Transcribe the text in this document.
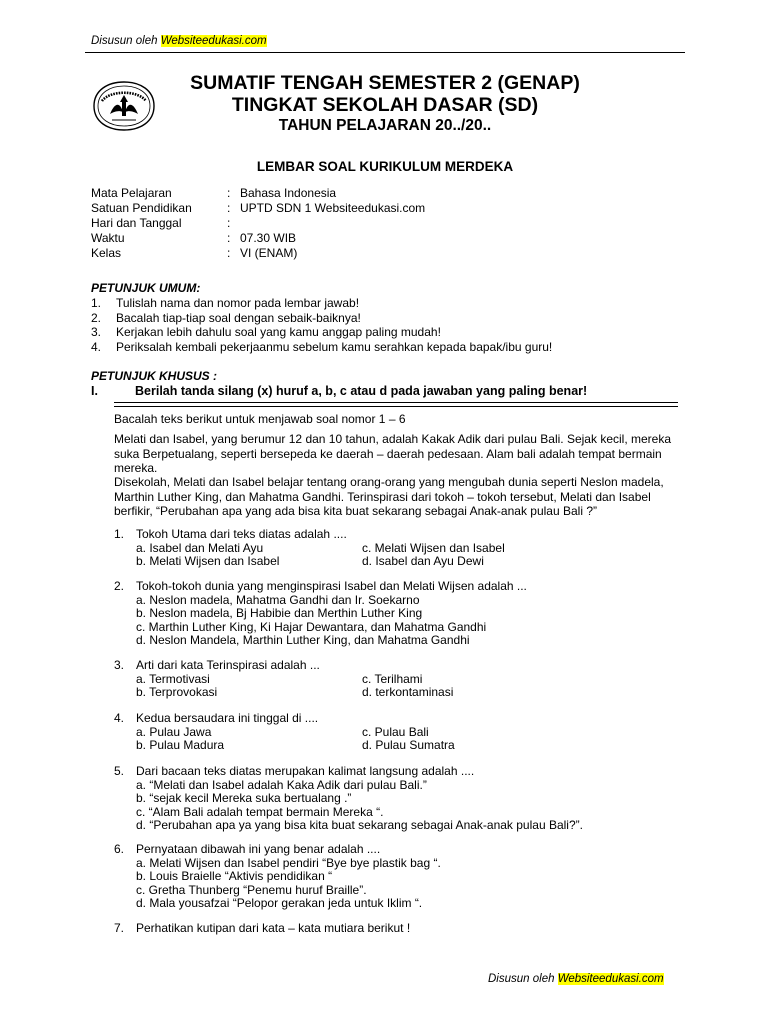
Disusun oleh Websiteedukasi.com
SUMATIF TENGAH SEMESTER 2 (GENAP)
TINGKAT SEKOLAH DASAR (SD)
TAHUN PELAJARAN 20../20..
LEMBAR SOAL KURIKULUM MERDEKA
Mata Pelajaran	: Bahasa Indonesia
Satuan Pendidikan	: UPTD SDN 1 Websiteedukasi.com
Hari dan Tanggal	:
Waktu	: 07.30 WIB
Kelas	: VI (ENAM)
PETUNJUK UMUM:
1. Tulislah nama dan nomor pada lembar jawab!
2. Bacalah tiap-tiap soal dengan sebaik-baiknya!
3. Kerjakan lebih dahulu soal yang kamu anggap paling mudah!
4. Periksalah kembali pekerjaanmu sebelum kamu serahkan kepada bapak/ibu guru!
PETUNJUK KHUSUS :
I.	Berilah tanda silang (x) huruf a, b, c atau d pada jawaban yang paling benar!
Bacalah teks berikut untuk menjawab soal nomor 1 – 6
Melati dan Isabel, yang berumur 12 dan 10 tahun, adalah Kakak Adik dari pulau Bali. Sejak kecil, mereka suka Berpetualang, seperti bersepeda ke daerah – daerah pedesaan. Alam bali adalah tempat bermain mereka.
Disekolah, Melati dan Isabel belajar tentang orang-orang yang mengubah dunia seperti Neslon madela, Marthin Luther King, dan Mahatma Gandhi. Terinspirasi dari tokoh – tokoh tersebut, Melati dan Isabel berfikir, “Perubahan apa yang ada bisa kita buat sekarang sebagai Anak-anak pulau Bali ?”
1. Tokoh Utama dari teks diatas adalah ....
a. Isabel dan Melati Ayu	c. Melati Wijsen dan Isabel
b. Melati Wijsen dan Isabel	d. Isabel dan Ayu Dewi
2. Tokoh-tokoh dunia yang menginspirasi Isabel dan Melati Wijsen adalah ...
a. Neslon madela, Mahatma Gandhi dan Ir. Soekarno
b. Neslon madela, Bj Habibie dan Merthin Luther King
c. Marthin Luther King, Ki Hajar Dewantara, dan Mahatma Gandhi
d. Neslon Mandela, Marthin Luther King, dan Mahatma Gandhi
3. Arti dari kata Terinspirasi adalah ...
a. Termotivasi	c. Terilhami
b. Terprovokasi	d. terkontaminasi
4. Kedua bersaudara ini tinggal di ....
a. Pulau Jawa	c. Pulau Bali
b. Pulau Madura	d. Pulau Sumatra
5. Dari bacaan teks diatas merupakan kalimat langsung adalah ....
a. “Melati dan Isabel adalah Kaka Adik dari pulau Bali.”
b. “sejak kecil Mereka suka bertualang .”
c. “Alam Bali adalah tempat bermain Mereka “.
d. “Perubahan apa ya yang bisa kita buat sekarang sebagai Anak-anak pulau Bali?”.
6. Pernyataan dibawah ini yang benar adalah ....
a. Melati Wijsen dan Isabel pendiri “Bye bye plastik bag “.
b. Louis Braielle “Aktivis pendidikan “
c. Gretha Thunberg “Penemu huruf Braille”.
d. Mala yousafzai “Pelopor gerakan jeda untuk Iklim “.
7. Perhatikan kutipan dari kata – kata mutiara berikut !
Disusun oleh Websiteedukasi.com
